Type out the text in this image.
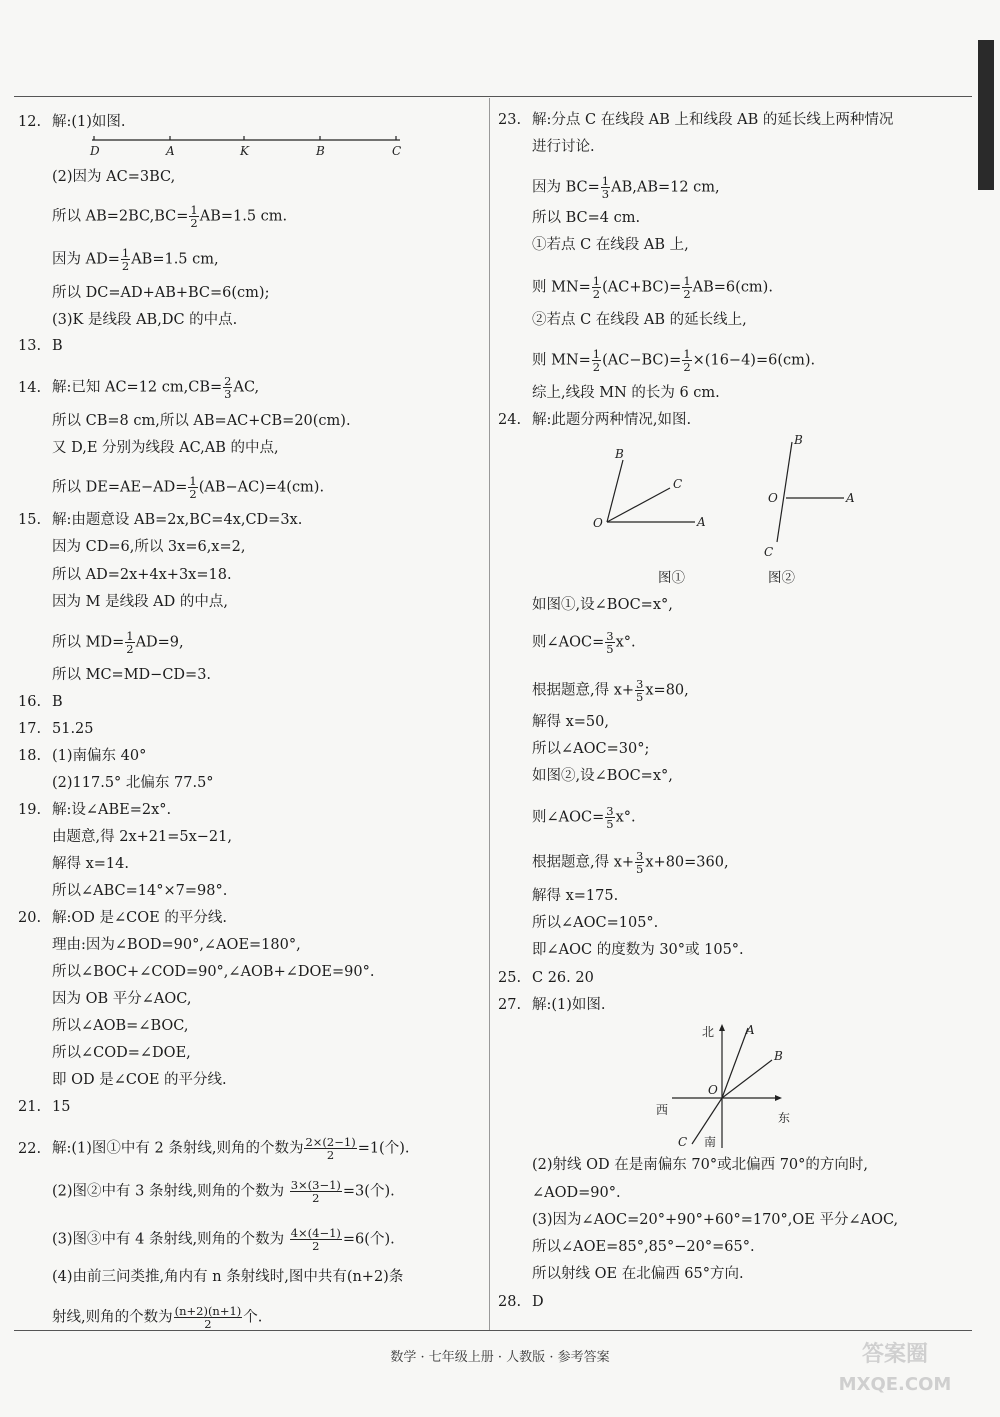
12. 解:(1)如图.
(2)因为 AC=3BC,
所以 $AB=2BC,BC= \frac{1}{2} AB=1.5$ cm.
因为 $AD= \frac{1}{2} AB=1.5$ cm,
所以 DC=AD+AB+BC=6(cm);
(3)K 是线段 AB,DC 的中点.
13. B
14. 解:已知 AC=12 $cm,CB= \frac{2}{3}$ AC,
所以 CB=8 cm,所以 AB=AC+CB=20(cm).
又 D,E 分别为线段 AC,AB 的中点,
所以 $DE=AE-AD= \frac{1}{2} (AB-AC)=4(cm)$.
15. 解:由题意设 AB=2x,BC=4x,CD=3x.
因为 CD=6,所以 3x=6,x=2,
所以 AD=2x+4x+3x=18.
因为 M 是线段 AD 的中点,
所以 $MD= \frac{1}{2} AD=9$,
所以 MC=MD−CD=3.
16. B
17. 51.25
18. (1)南偏东 40°
(2)117.5° 北偏东 77.5°
19. 解:设∠ABE=2x°.
由题意,得 2x+21=5x−21,
解得 x=14.
所以∠ABC=14°×7=98°.
20. 解:OD 是∠COE 的平分线.
理由:因为∠BOD=90°,∠AOE=180°,
所以∠BOC+∠COD=90°,∠AOB+∠DOE=90°.
因为 OB 平分∠AOC,
所以∠AOB=∠BOC,
所以∠COD=∠DOE,
即 OD 是∠COE 的平分线.
21. 15
22. 解:(1)图①中有 2 条射线,则角的个数为 $\frac{2\times(2-1)}{2} =1$(个).
(2)图②中有 3 条射线,则角的个数为 $\frac{3\times(3-1)}{2} =3$(个).
(3)图③中有 4 条射线,则角的个数为 $\frac{4\times(4-1)}{2} =6$(个).
(4)由前三问类推,角内有 n 条射线时,图中共有(n+2)条
射线,则角的个数为 $\frac{(n+2)(n+1)}{2}$ 个.
23. 解:分点 C 在线段 AB 上和线段 AB 的延长线上两种情况
进行讨论.
因为 $BC= \frac{1}{3} AB,AB=12$ cm,
所以 BC=4 cm.
①若点 C 在线段 AB 上,
则 $MN= \frac{1}{2} (AC+BC)= \frac{1}{2} AB=6(cm)$.
②若点 C 在线段 AB 的延长线上,
则 $MN= \frac{1}{2} (AC-BC)= \frac{1}{2} \times(16-4)=6(cm)$.
综上,线段 MN 的长为 6 cm.
24. 解:此题分两种情况,如图.
如图①,设∠BOC=x°,
则∠AOC= $\frac{3}{5} x^\circ$.
根据题意,得 $x+ \frac{3}{5} x=80$,
解得 x=50,
所以∠AOC=30°;
如图②,设∠BOC=x°,
则∠AOC= $\frac{3}{5} x^\circ$.
根据题意,得 $x+ \frac{3}{5} x+80=360$,
解得 x=175.
所以∠AOC=105°.
即∠AOC 的度数为 30°或 105°.
25. C 26. 20
27. 解:(1)如图.
(2)射线 OD 在是南偏东 70°或北偏西 70°的方向时,
∠AOD=90°.
(3)因为∠AOC=20°+90°+60°=170°,OE 平分∠AOC,
所以∠AOE=85°,85°−20°=65°.
所以射线 OE 在北偏西 65°方向.
28. D
D	A	K	B	C
B
C
O	A
B
O	A
C
图①	图②
北	A
B
O
西
东
C 南
数学 · 七年级上册 · 人教版 · 参考答案	答案圈
MXQE.COM
